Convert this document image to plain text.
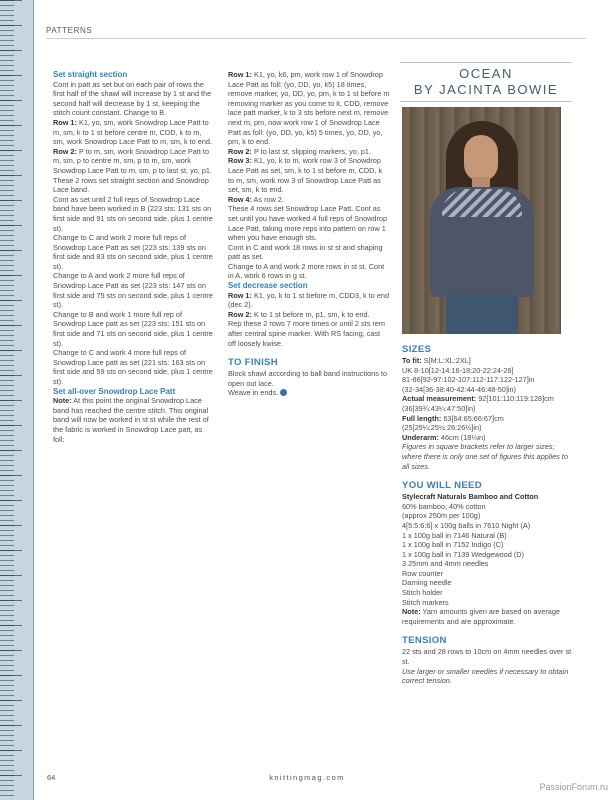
PATTERNS

Set straight section

Cont in patt as set but on each pair of rows the first half of the shawl will increase by 1 st and the second half will decrease by 1 st, keeping the stitch count constant. Change to B.

Row 1: K1, yo, sm, work Snowdrop Lace Patt to m, sm, k to 1 st before centre m, CDD, k to m, sm, work Snowdrop Lace Patt to m, sm, k to end.

Row 2: P to m, sm, work Snowdrop Lace Patt to m, sm, p to centre m, sm, p to m, sm, work Snowdrop Lace Patt to m, sm, p to last st, yo, p1.

These 2 rows set straight section and Snowdrop Lace band.

Cont as set until 2 full reps of Snowdrop Lace band have been worked in B (223 sts: 131 sts on first side and 91 sts on second side, plus 1 centre st).

Change to C and work 2 more full reps of Snowdrop Lace Patt as set (223 sts: 139 sts on first side and 83 sts on second side, plus 1 centre st).

Change to A and work 2 more full reps of Snowdrop Lace Patt as set (223 sts: 147 sts on first side and 75 sts on second side, plus 1 centre st).

Change to B and work 1 more full rep of Snowdrop Lace patt as set (223 sts: 151 sts on first side and 71 sts on second side, plus 1 centre st).

Change to C and work 4 more full reps of Snowdrop Lace patt as set (221 sts: 163 sts on first side and 59 sts on second side, plus 1 centre st).

Set all-over Snowdrop Lace Patt

Note: At this point the original Snowdrop Lace band has reached the centre stitch. This original band will now be worked in st st while the rest of the fabric is worked in Snowdrop Lace patt, as foll:

Row 1: K1, yo, k6, pm, work row 1 of Snowdrop Lace Patt as foll: (yo, DD, yo, k5) 18 times, remove marker, yo, DD, yo, pm, k to 1 st before m removing marker as you come to it, CDD, remove lace patt marker, k to 3 sts before next m, remove next m, pm, now work row 1 of Snowdrop Lace Patt as foll: (yo, DD, yo, k5) 5 times, yo, DD, yo, pm, k to end.

Row 2: P to last st, slipping markers, yo, p1.

Row 3: K1, yo, k to m, work row 3 of Snowdrop Lace Patt as set, sm, k to 1 st before m, CDD, k to m, sm, work row 3 of Snowdrop Lace Patt as set, sm, k to end.

Row 4: As row 2.

These 4 rows set Snowdrop Lace Patt. Cont as set until you have worked 4 full reps of Snowdrop Lace Patt, taking more reps into pattern on row 1 when you have enough sts.

Cont in C and work 18 rows in st st and shaping patt as set.

Change to A and work 2 more rows in st st. Cont in A, work 6 rows in g st.

Set decrease section

Row 1: K1, yo, k to 1 st before m, CDD3, k to end (dec 2).

Row 2: K to 1 st before m, p1, sm, k to end.

Rep these 2 rows 7 more times or until 2 sts rem after central spine marker. With RS facing, cast off loosely kwise.

TO FINISH

Block shawl according to ball band instructions to open out lace.

Weave in ends.

OCEAN
BY JACINTA BOWIE

SIZES

To fit: S[M:L:XL:2XL]

UK 8-10[12-14:16-18:20-22:24-26]

81-86[92-97:102-107:112-117:122-127]in

(32-34[36-38:40-42:44-46:48-50]in)

Actual measurement: 92[101:110:119:128]cm (36[39¾:43¼:47:50]in)

Full length: 63[64:65:66:67]cm (25[25¼:25½:26:26¼]in)

Underarm: 46cm (18¼in)

Figures in square brackets refer to larger sizes; where there is only one set of figures this applies to all sizes.

YOU WILL NEED

Stylecraft Naturals Bamboo and Cotton

60% bamboo, 40% cotton

(approx 250m per 100g)

4[5:5:6:6] x 100g balls in 7610 Night (A)

1 x 100g ball in 7146 Natural (B)

1 x 100g ball in 7152 Indigo (C)

1 x 100g ball in 7139 Wedgewood (D)

3.25mm and 4mm needles

Row counter

Darning needle

Stitch holder

Stitch markers

Note: Yarn amounts given are based on average requirements and are approximate.

TENSION

22 sts and 28 rows to 10cm on 4mm needles over st st.

Use larger or smaller needles if necessary to obtain correct tension.

64	knittingmag.com
PassionForum.ru
